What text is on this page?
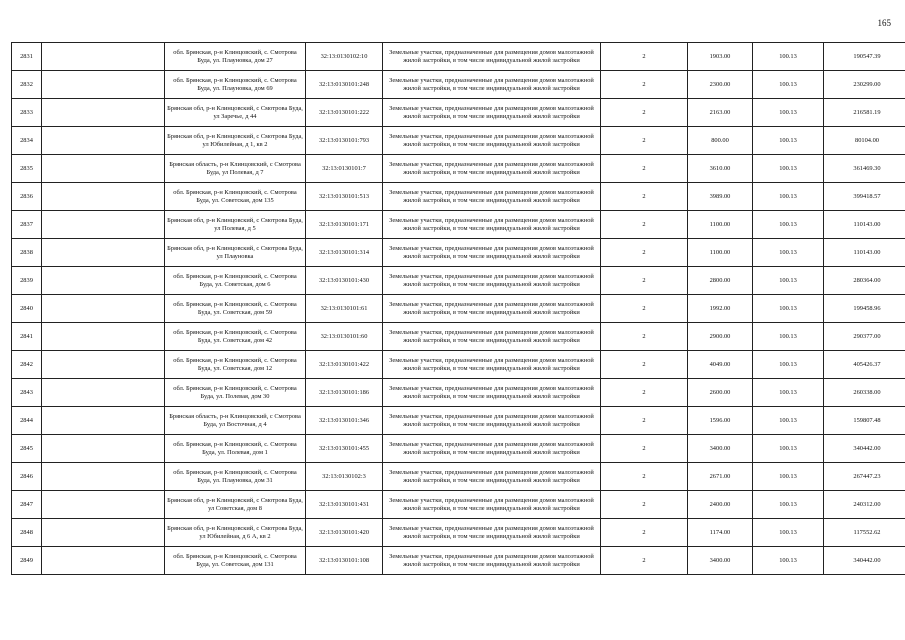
165
2831		обл. Брянская, р-н Клинцовский, с. Смотрова Буда, ул. Плауновка, дом 27	32:13:0130102:10	Земельные участки, предназначенные для размещения домов малоэтажной жилой застройки, в том числе индивидуальной жилой застройки	2	1903.00	100.13	190547.39
2832		обл. Брянская, р-н Клинцовский, с. Смотрова Буда, ул. Плауновка, дом 69	32:13:0130101:248	Земельные участки, предназначенные для размещения домов малоэтажной жилой застройки, в том числе индивидуальной жилой застройки	2	2300.00	100.13	230299.00
2833		Брянская обл, р-н Клинцовский, с Смотрова Буда, ул Заречье, д 44	32:13:0130101:222	Земельные участки, предназначенные для размещения домов малоэтажной жилой застройки, в том числе индивидуальной жилой застройки	2	2163.00	100.13	216581.19
2834		Брянская обл, р-н Клинцовский, с Смотрова Буда, ул Юбилейная, д 1, кв 2	32:13:0130101:793	Земельные участки, предназначенные для размещения домов малоэтажной жилой застройки, в том числе индивидуальной жилой застройки	2	800.00	100.13	80104.00
2835		Брянская область, р-н Клинцовский, с Смотрова Буда, ул Полевая, д 7	32:13:0130101:7	Земельные участки, предназначенные для размещения домов малоэтажной жилой застройки, в том числе индивидуальной жилой застройки	2	3610.00	100.13	361469.30
2836		обл. Брянская, р-н Клинцовский, с. Смотрова Буда, ул. Советская, дом 135	32:13:0130101:513	Земельные участки, предназначенные для размещения домов малоэтажной жилой застройки, в том числе индивидуальной жилой застройки	2	3989.00	100.13	399418.57
2837		Брянская обл, р-н Клинцовский, с Смотрова Буда, ул Полевая, д 5	32:13:0130101:171	Земельные участки, предназначенные для размещения домов малоэтажной жилой застройки, в том числе индивидуальной жилой застройки	2	1100.00	100.13	110143.00
2838		Брянская обл, р-н Клинцовский, с Смотрова Буда, ул Плауновка	32:13:0130101:314	Земельные участки, предназначенные для размещения домов малоэтажной жилой застройки, в том числе индивидуальной жилой застройки	2	1100.00	100.13	110143.00
2839		обл. Брянская, р-н Клинцовский, с. Смотрова Буда, ул. Советская, дом 6	32:13:0130101:430	Земельные участки, предназначенные для размещения домов малоэтажной жилой застройки, в том числе индивидуальной жилой застройки	2	2800.00	100.13	280364.00
2840		обл. Брянская, р-н Клинцовский, с. Смотрова Буда, ул. Советская, дом 59	32:13:0130101:61	Земельные участки, предназначенные для размещения домов малоэтажной жилой застройки, в том числе индивидуальной жилой застройки	2	1992.00	100.13	199458.96
2841		обл. Брянская, р-н Клинцовский, с. Смотрова Буда, ул. Советская, дом 42	32:13:0130101:60	Земельные участки, предназначенные для размещения домов малоэтажной жилой застройки, в том числе индивидуальной жилой застройки	2	2900.00	100.13	290377.00
2842		обл. Брянская, р-н Клинцовский, с. Смотрова Буда, ул. Советская, дом 12	32:13:0130101:422	Земельные участки, предназначенные для размещения домов малоэтажной жилой застройки, в том числе индивидуальной жилой застройки	2	4049.00	100.13	405426.37
2843		обл. Брянская, р-н Клинцовский, с. Смотрова Буда, ул. Полевая, дом 30	32:13:0130101:186	Земельные участки, предназначенные для размещения домов малоэтажной жилой застройки, в том числе индивидуальной жилой застройки	2	2600.00	100.13	260338.00
2844		Брянская область, р-н Клинцовский, с Смотрова Буда, ул Восточная, д 4	32:13:0130101:346	Земельные участки, предназначенные для размещения домов малоэтажной жилой застройки, в том числе индивидуальной жилой застройки	2	1596.00	100.13	159807.48
2845		обл. Брянская, р-н Клинцовский, с. Смотрова Буда, ул. Полевая, дом 1	32:13:0130101:455	Земельные участки, предназначенные для размещения домов малоэтажной жилой застройки, в том числе индивидуальной жилой застройки	2	3400.00	100.13	340442.00
2846		обл. Брянская, р-н Клинцовский, с. Смотрова Буда, ул. Плауновка, дом 31	32:13:0130102:3	Земельные участки, предназначенные для размещения домов малоэтажной жилой застройки, в том числе индивидуальной жилой застройки	2	2671.00	100.13	267447.23
2847		Брянская обл, р-н Клинцовский, с Смотрова Буда, ул Советская, дом 8	32:13:0130101:431	Земельные участки, предназначенные для размещения домов малоэтажной жилой застройки, в том числе индивидуальной жилой застройки	2	2400.00	100.13	240312.00
2848		Брянская обл, р-н Клинцовский, с Смотрова Буда, ул Юбилейная, д 6 А, кв 2	32:13:0130101:420	Земельные участки, предназначенные для размещения домов малоэтажной жилой застройки, в том числе индивидуальной жилой застройки	2	1174.00	100.13	117552.62
2849		обл. Брянская, р-н Клинцовский, с. Смотрова Буда, ул. Советская, дом 131	32:13:0130101:108	Земельные участки, предназначенные для размещения домов малоэтажной жилой застройки, в том числе индивидуальной жилой застройки	2	3400.00	100.13	340442.00
